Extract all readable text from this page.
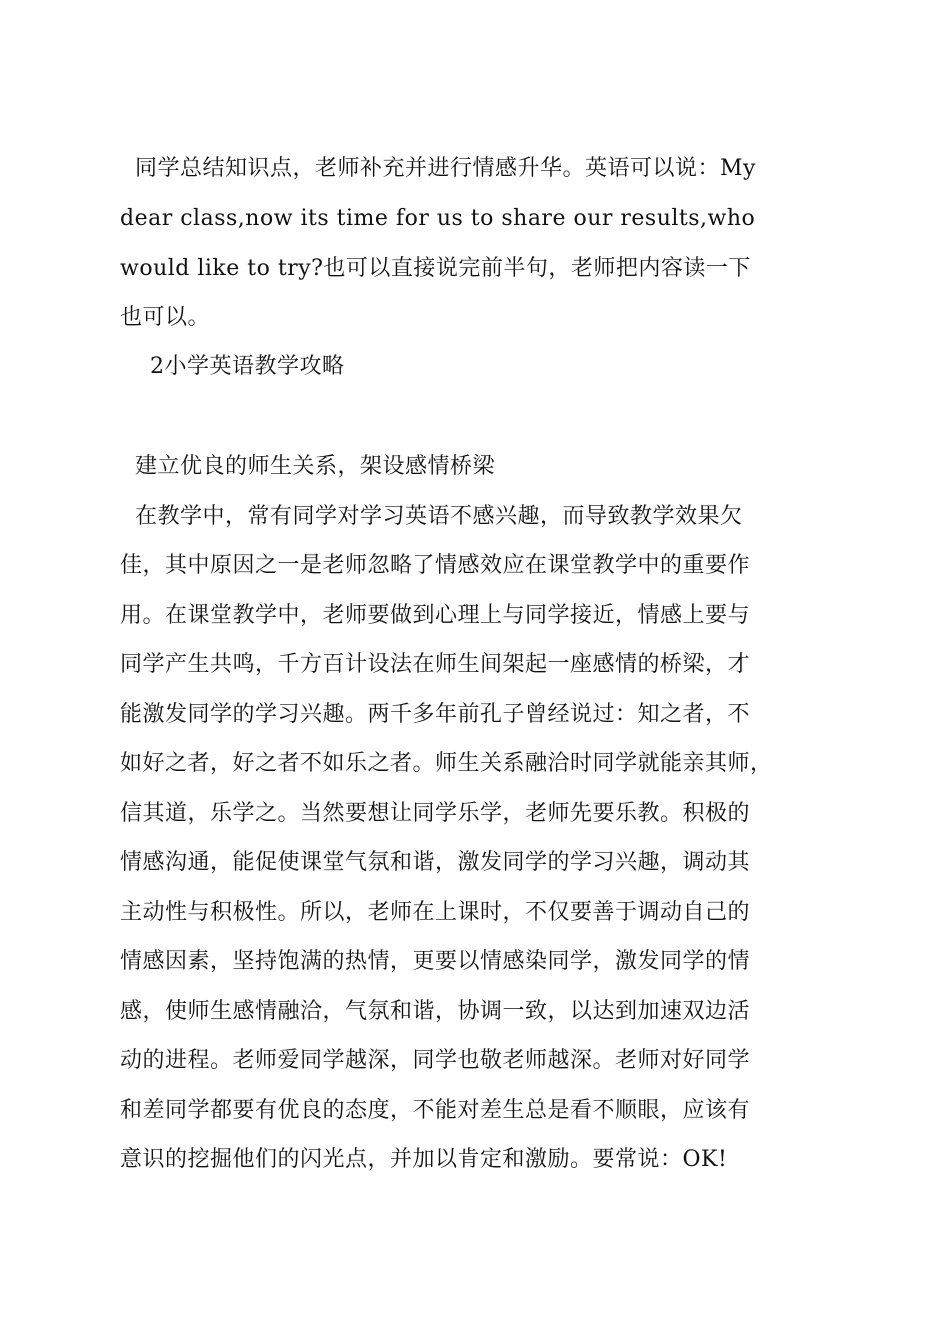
同学总结知识点，老师补充并进行情感升华。英语可以说：My
dear class,now its time for us to share our results,who
would like to try?也可以直接说完前半句，老师把内容读一下
也可以。
2小学英语教学攻略
建立优良的师生关系，架设感情桥梁
在教学中，常有同学对学习英语不感兴趣，而导致教学效果欠
佳，其中原因之一是老师忽略了情感效应在课堂教学中的重要作
用。在课堂教学中，老师要做到心理上与同学接近，情感上要与
同学产生共鸣，千方百计设法在师生间架起一座感情的桥梁，才
能激发同学的学习兴趣。两千多年前孔子曾经说过：知之者，不
如好之者，好之者不如乐之者。师生关系融洽时同学就能亲其师，
信其道，乐学之。当然要想让同学乐学，老师先要乐教。积极的
情感沟通，能促使课堂气氛和谐，激发同学的学习兴趣，调动其
主动性与积极性。所以，老师在上课时，不仅要善于调动自己的
情感因素，坚持饱满的热情，更要以情感染同学，激发同学的情
感，使师生感情融洽，气氛和谐，协调一致，以达到加速双边活
动的进程。老师爱同学越深，同学也敬老师越深。老师对好同学
和差同学都要有优良的态度，不能对差生总是看不顺眼，应该有
意识的挖掘他们的闪光点，并加以肯定和激励。要常说：OK!
